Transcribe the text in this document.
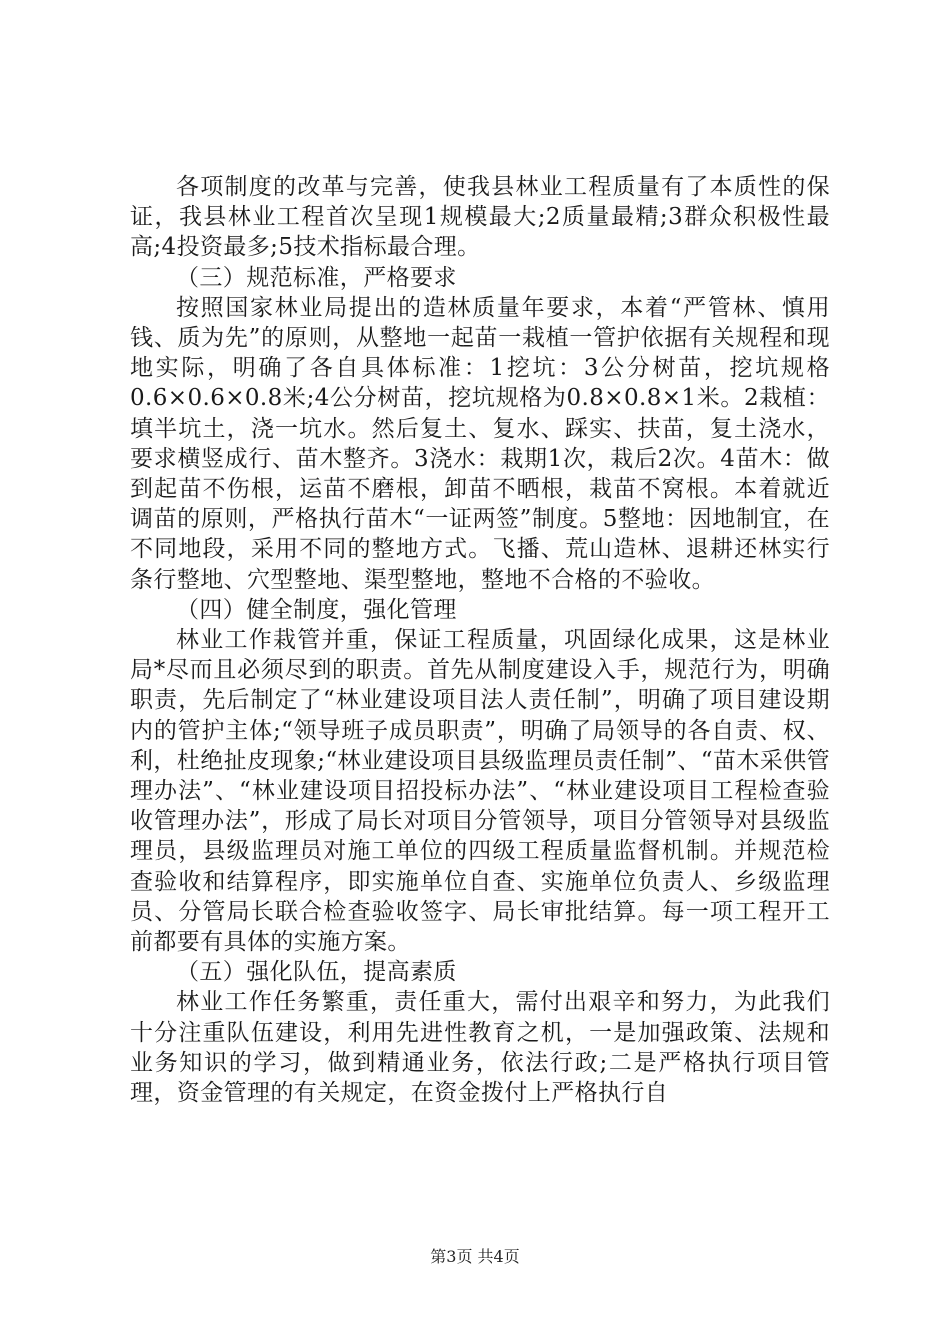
各项制度的改革与完善，使我县林业工程质量有了本质性的保证，我县林业工程首次呈现1规模最大;2质量最精;3群众积极性最高;4投资最多;5技术指标最合理。

（三）规范标准，严格要求

按照国家林业局提出的造林质量年要求，本着“严管林、慎用钱、质为先”的原则，从整地一起苗一栽植一管护依据有关规程和现地实际，明确了各自具体标准：1挖坑：3公分树苗，挖坑规格0.6×0.6×0.8米;4公分树苗，挖坑规格为0.8×0.8×1米。2栽植：填半坑土，浇一坑水。然后复土、复水、踩实、扶苗，复土浇水，要求横竖成行、苗木整齐。3浇水：栽期1次，栽后2次。4苗木：做到起苗不伤根，运苗不磨根，卸苗不晒根，栽苗不窝根。本着就近调苗的原则，严格执行苗木“一证两签”制度。5整地：因地制宜，在不同地段，采用不同的整地方式。飞播、荒山造林、退耕还林实行条行整地、穴型整地、渠型整地，整地不合格的不验收。

（四）健全制度，强化管理

林业工作栽管并重，保证工程质量，巩固绿化成果，这是林业局*尽而且必须尽到的职责。首先从制度建设入手，规范行为，明确职责，先后制定了“林业建设项目法人责任制”，明确了项目建设期内的管护主体;“领导班子成员职责”，明确了局领导的各自责、权、利，杜绝扯皮现象;“林业建设项目县级监理员责任制”、“苗木采供管理办法”、“林业建设项目招投标办法”、“林业建设项目工程检查验收管理办法”，形成了局长对项目分管领导，项目分管领导对县级监理员，县级监理员对施工单位的四级工程质量监督机制。并规范检查验收和结算程序，即实施单位自查、实施单位负责人、乡级监理员、分管局长联合检查验收签字、局长审批结算。每一项工程开工前都要有具体的实施方案。

（五）强化队伍，提高素质

林业工作任务繁重，责任重大，需付出艰辛和努力，为此我们十分注重队伍建设，利用先进性教育之机，一是加强政策、法规和业务知识的学习，做到精通业务，依法行政;二是严格执行项目管理，资金管理的有关规定，在资金拨付上严格执行自

第3页 共4页
